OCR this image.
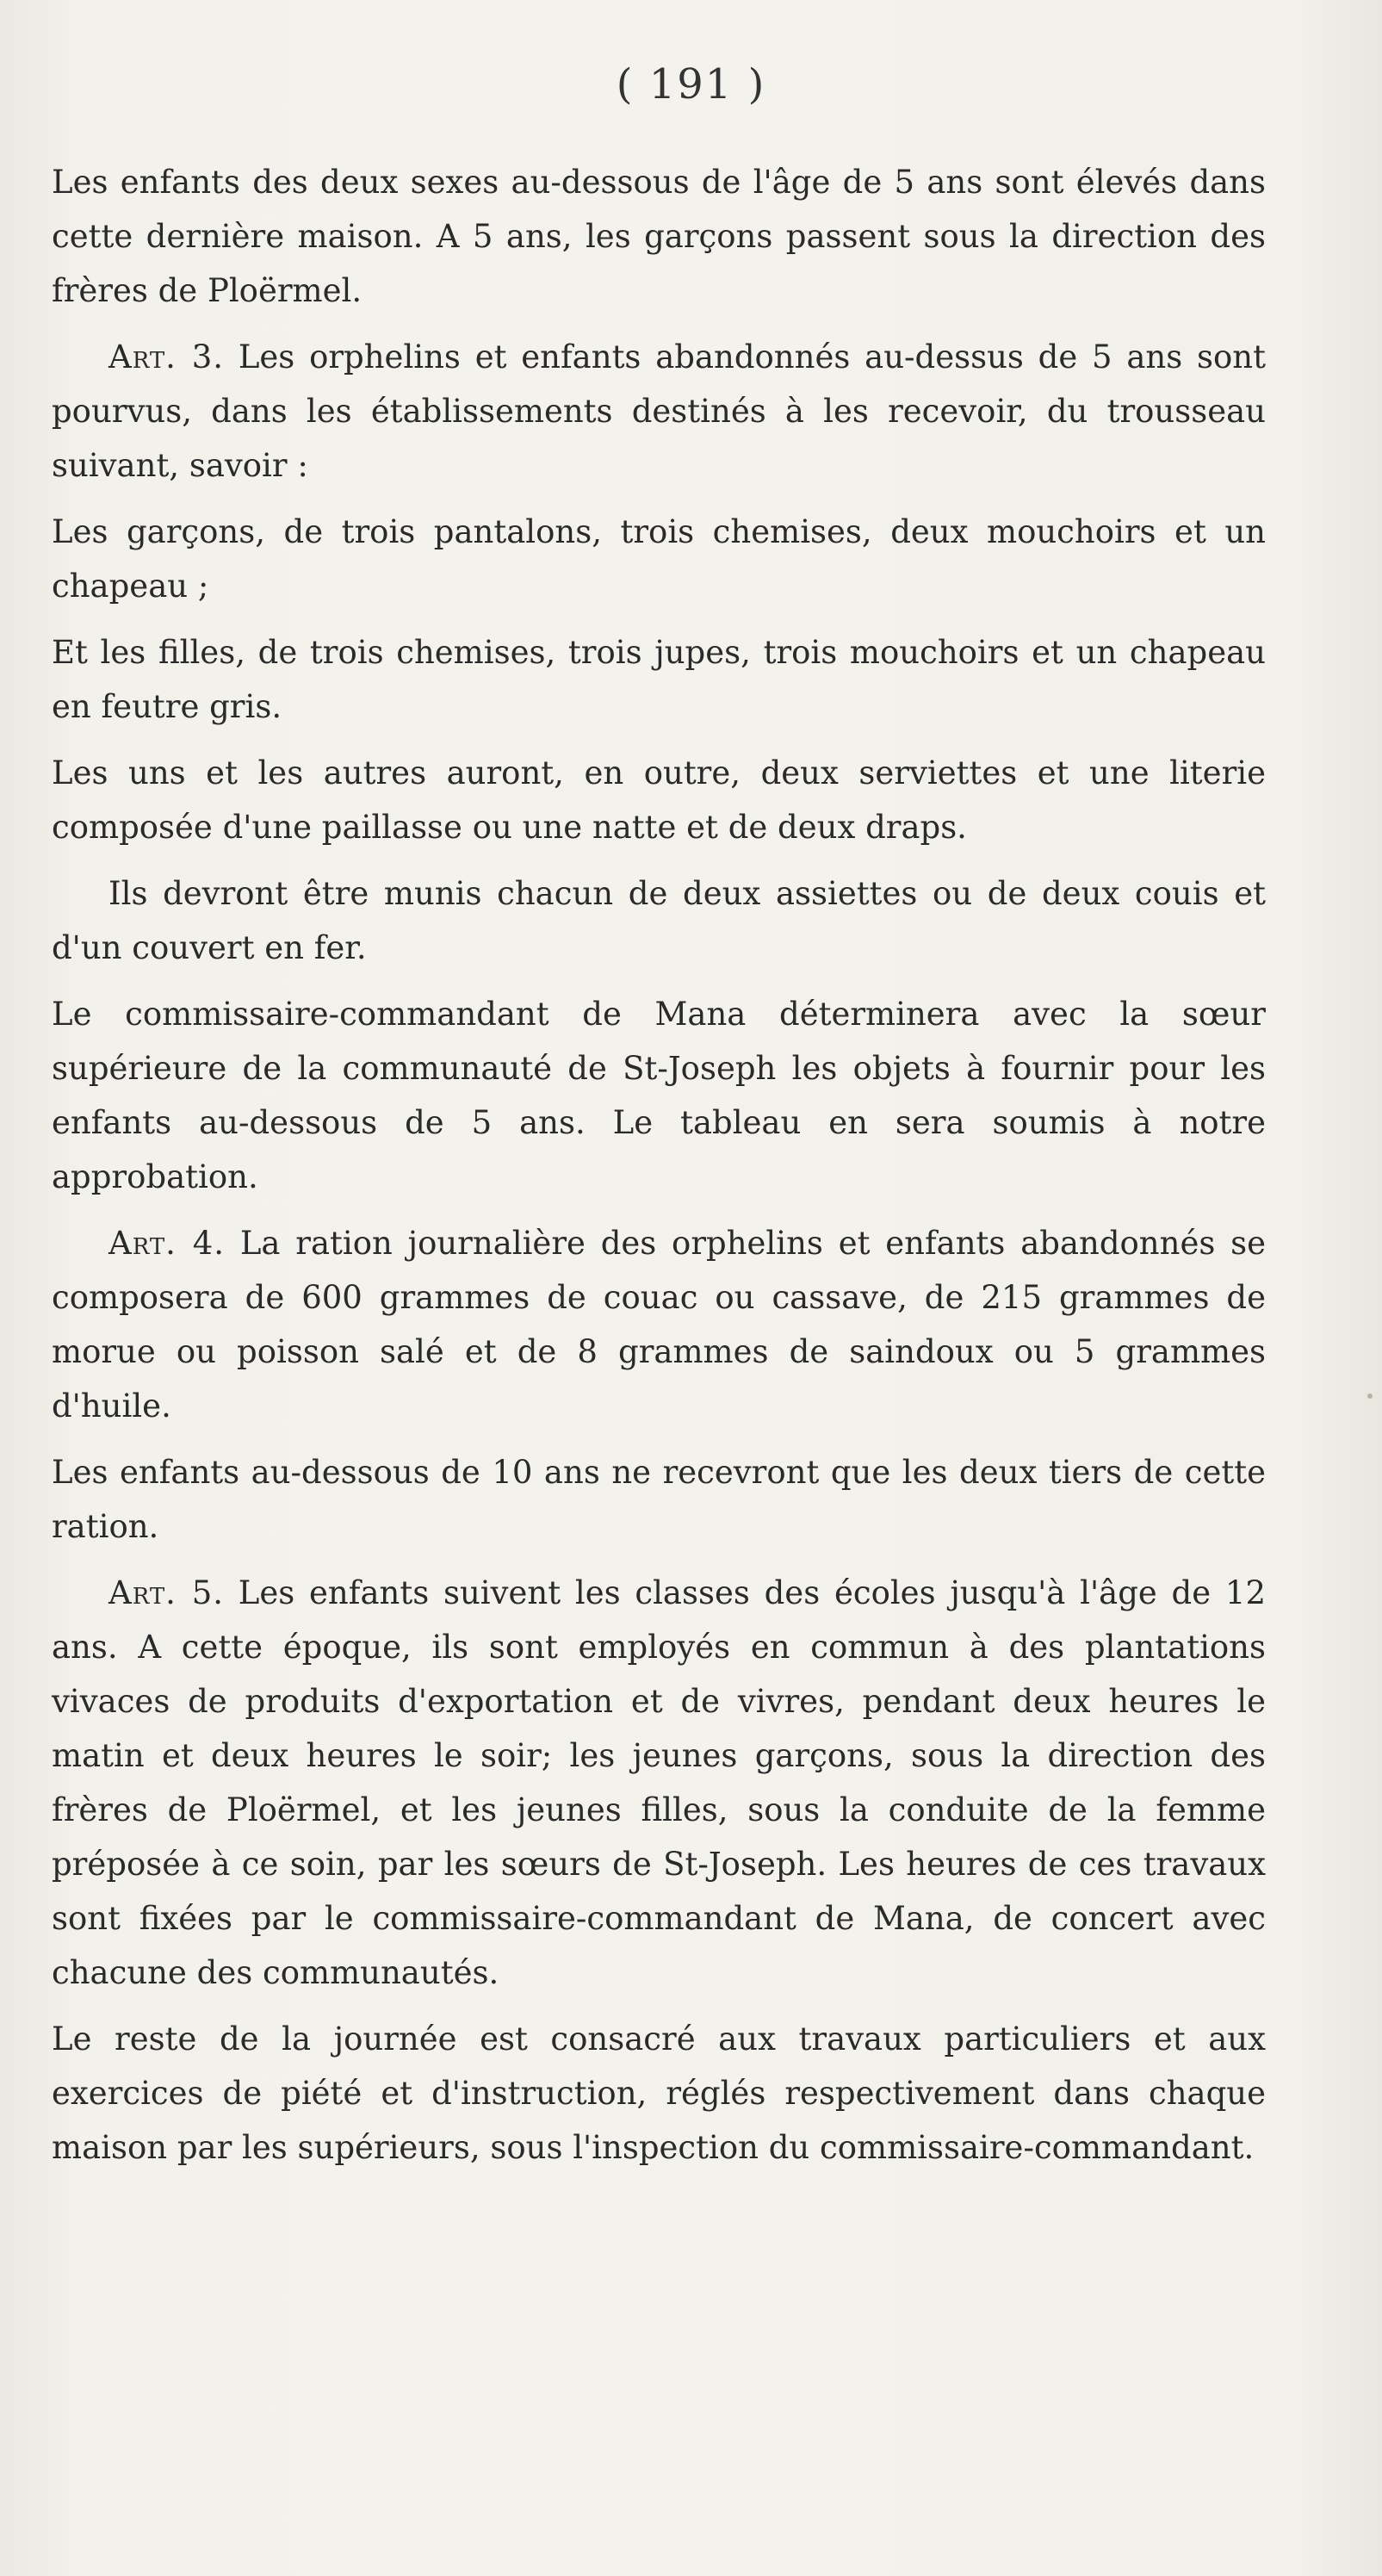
( 191 )

Les enfants des deux sexes au-dessous de l'âge de 5 ans sont élevés dans cette dernière maison. A 5 ans, les garçons passent sous la direction des frères de Ploërmel.

Art. 3. Les orphelins et enfants abandonnés au-dessus de 5 ans sont pourvus, dans les établissements destinés à les recevoir, du trousseau suivant, savoir :

Les garçons, de trois pantalons, trois chemises, deux mouchoirs et un chapeau ;

Et les filles, de trois chemises, trois jupes, trois mouchoirs et un chapeau en feutre gris.

Les uns et les autres auront, en outre, deux serviettes et une literie composée d'une paillasse ou une natte et de deux draps.

Ils devront être munis chacun de deux assiettes ou de deux couis et d'un couvert en fer.

Le commissaire-commandant de Mana déterminera avec la sœur supérieure de la communauté de St-Joseph les objets à fournir pour les enfants au-dessous de 5 ans. Le tableau en sera soumis à notre approbation.

Art. 4. La ration journalière des orphelins et enfants abandonnés se composera de 600 grammes de couac ou cassave, de 215 grammes de morue ou poisson salé et de 8 grammes de saindoux ou 5 grammes d'huile.

Les enfants au-dessous de 10 ans ne recevront que les deux tiers de cette ration.

Art. 5. Les enfants suivent les classes des écoles jusqu'à l'âge de 12 ans. A cette époque, ils sont employés en commun à des plantations vivaces de produits d'exportation et de vivres, pendant deux heures le matin et deux heures le soir; les jeunes garçons, sous la direction des frères de Ploërmel, et les jeunes filles, sous la conduite de la femme préposée à ce soin, par les sœurs de St-Joseph. Les heures de ces travaux sont fixées par le commissaire-commandant de Mana, de concert avec chacune des communautés.

Le reste de la journée est consacré aux travaux particuliers et aux exercices de piété et d'instruction, réglés respectivement dans chaque maison par les supérieurs, sous l'inspection du commissaire-commandant.
